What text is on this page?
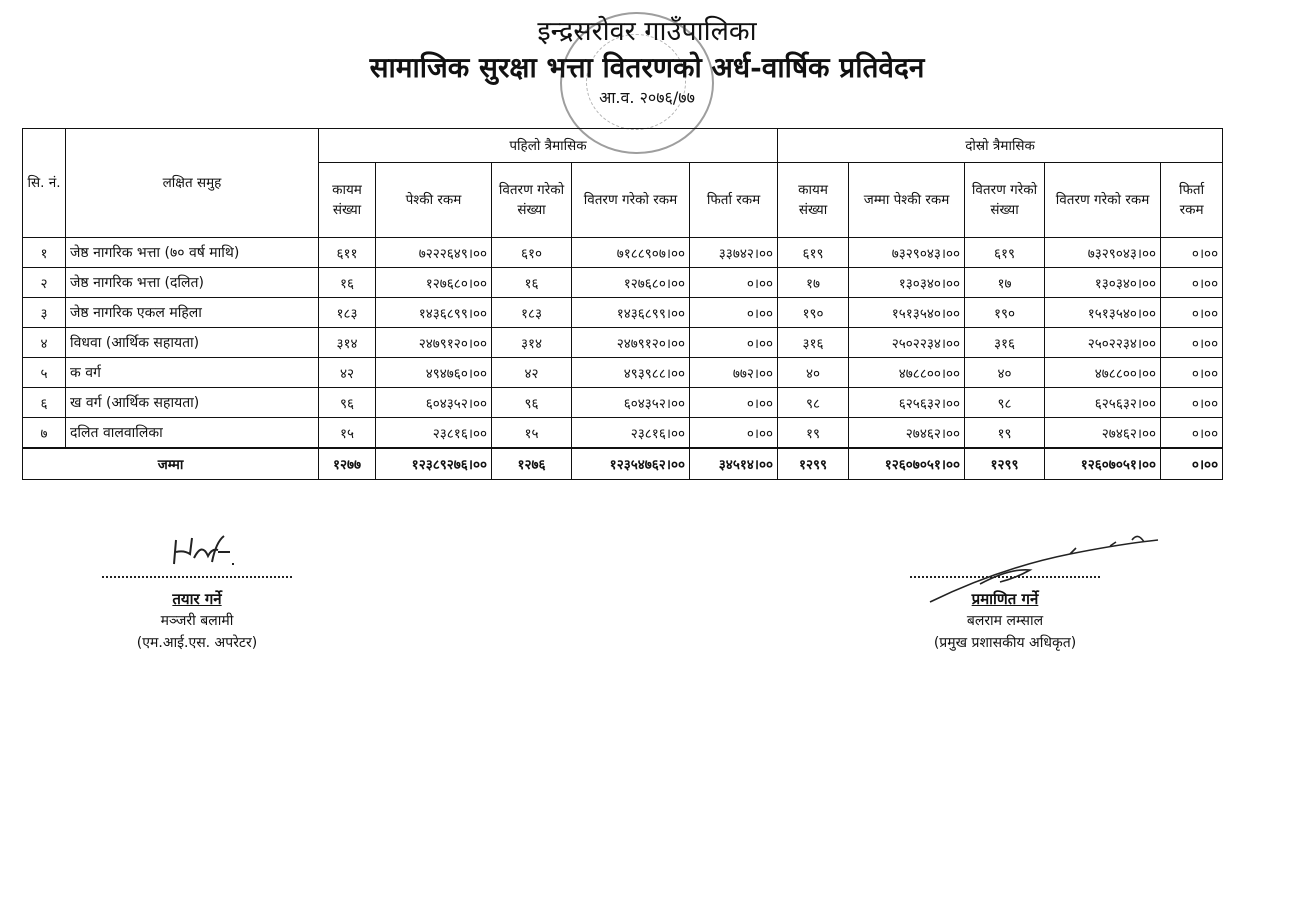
इन्द्रसरोवर गाउँपालिका
सामाजिक सुरक्षा भत्ता वितरणको अर्ध-वार्षिक प्रतिवेदन
आ.व. २०७६/७७
सि. नं.	लक्षित समुह	पहिलो त्रैमासिक					दोस्रो त्रैमासिक				
		कायम संख्या	पेश्की रकम	वितरण गरेको संख्या	वितरण गरेको रकम	फिर्ता रकम	कायम संख्या	जम्मा पेश्की रकम	वितरण गरेको संख्या	वितरण गरेको रकम	फिर्ता रकम
१	जेष्ठ नागरिक भत्ता (७० वर्ष माथि)	६११	७२२२६४९।००	६१०	७१८८९०७।००	३३७४२।००	६१९	७३२९०४३।००	६१९	७३२९०४३।००	०।००
२	जेष्ठ नागरिक भत्ता (दलित)	१६	१२७६८०।००	१६	१२७६८०।००	०।००	१७	१३०३४०।००	१७	१३०३४०।००	०।००
३	जेष्ठ नागरिक एकल महिला	१८३	१४३६८९९।००	१८३	१४३६८९९।००	०।००	१९०	१५१३५४०।००	१९०	१५१३५४०।००	०।००
४	विधवा (आर्थिक सहायता)	३१४	२४७९१२०।००	३१४	२४७९१२०।००	०।००	३१६	२५०२२३४।००	३१६	२५०२२३४।००	०।००
५	क वर्ग	४२	४९४७६०।००	४२	४९३९८८।००	७७२।००	४०	४७८८००।००	४०	४७८८००।००	०।००
६	ख वर्ग (आर्थिक सहायता)	९६	६०४३५२।००	९६	६०४३५२।००	०।००	९८	६२५६३२।००	९८	६२५६३२।००	०।००
७	दलित वालवालिका	१५	२३८१६।००	१५	२३८१६।००	०।००	१९	२७४६२।००	१९	२७४६२।००	०।००
जम्मा		१२७७	१२३८९२७६।००	१२७६	१२३५४७६२।००	३४५१४।००	१२९९	१२६०७०५१।००	१२९९	१२६०७०५१।००	०।००
तयार गर्ने
मञ्जरी बलामी
(एम.आई.एस. अपरेटर)
प्रमाणित गर्ने
बलराम लम्साल
(प्रमुख प्रशासकीय अधिकृत)
